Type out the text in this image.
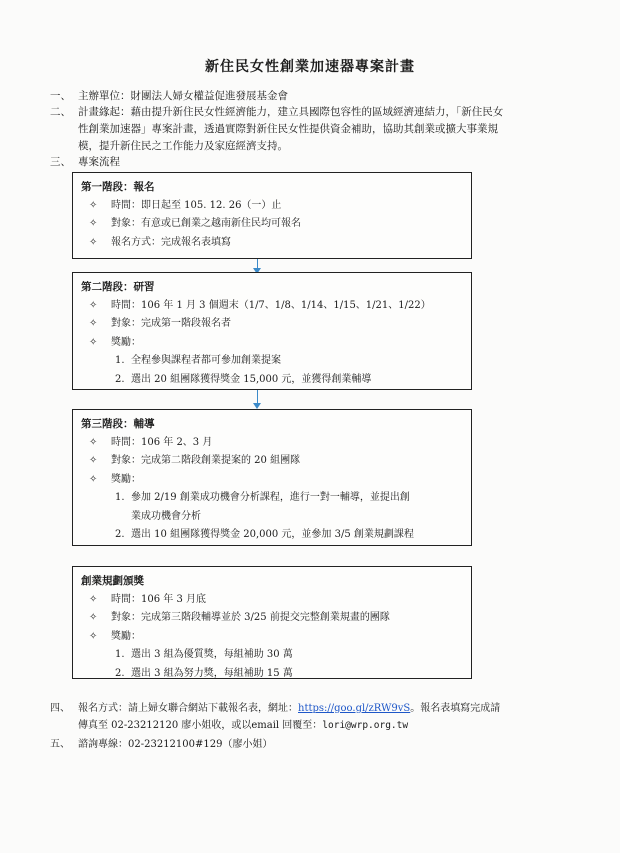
新住民女性創業加速器專案計畫
一、 主辦單位：財團法人婦女權益促進發展基金會
二、 計畫緣起：藉由提升新住民女性經濟能力，建立具國際包容性的區域經濟連結力，「新住民女
性創業加速器」專案計畫，透過實際對新住民女性提供資金補助，協助其創業或擴大事業規
模，提升新住民之工作能力及家庭經濟支持。
三、 專案流程
第一階段：報名
✧ 時間：即日起至 105. 12. 26（一）止
✧ 對象：有意或已創業之越南新住民均可報名
✧ 報名方式：完成報名表填寫
第二階段：研習
✧ 時間：106 年 1 月 3 個週末（1/7、1/8、1/14、1/15、1/21、1/22）
✧ 對象：完成第一階段報名者
✧ 獎勵：
1. 全程參與課程者都可參加創業提案
2. 選出 20 組團隊獲得獎金 15,000 元，並獲得創業輔導
第三階段：輔導
✧ 時間：106 年 2、3 月
✧ 對象：完成第二階段創業提案的 20 組團隊
✧ 獎勵：
1. 參加 2/19 創業成功機會分析課程，進行一對一輔導，並提出創
業成功機會分析
2. 選出 10 組團隊獲得獎金 20,000 元，並參加 3/5 創業規劃課程
創業規劃頒獎
✧ 時間：106 年 3 月底
✧ 對象：完成第三階段輔導並於 3/25 前提交完整創業規畫的團隊
✧ 獎勵：
1. 選出 3 組為優質獎，每組補助 30 萬
2. 選出 3 組為努力獎，每組補助 15 萬
四、 報名方式：請上婦女聯合網站下載報名表，網址：https://goo.gl/zRW9vS。報名表填寫完成請
傳真至 02-23212120 廖小姐收，或以email 回覆至：lori@wrp.org.tw
五、 諮詢專線：02-23212100#129（廖小姐）
